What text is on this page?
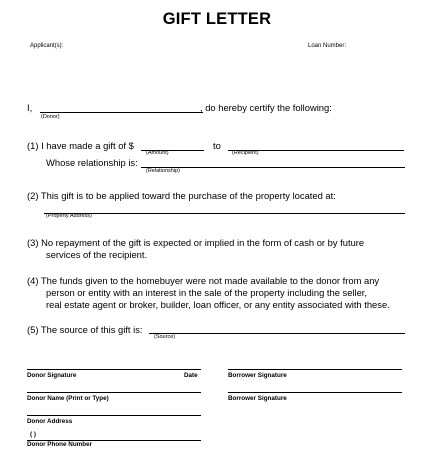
GIFT LETTER
Applicant(s):	Loan Number:
I,	, do hereby certify the following:
(Donor)
(1) I have made a gift of $
(Amount)
to
(Recipient)
Whose relationship is:
(Relationship)
(2) This gift is to be applied toward the purchase of the property located at:
(Property Address)
(3) No repayment of the gift is expected or implied in the form of cash or by future
services of the recipient.
(4) The funds given to the homebuyer were not made available to the donor from any
person or entity with an interest in the sale of the property including the seller,
real estate agent or broker, builder, loan officer, or any entity associated with these.
(5) The source of this gift is:
(Source)
Donor Signature	Date	Borrower Signature
Donor Name (Print or Type)	Borrower Signature
Donor Address
( )
Donor Phone Number
